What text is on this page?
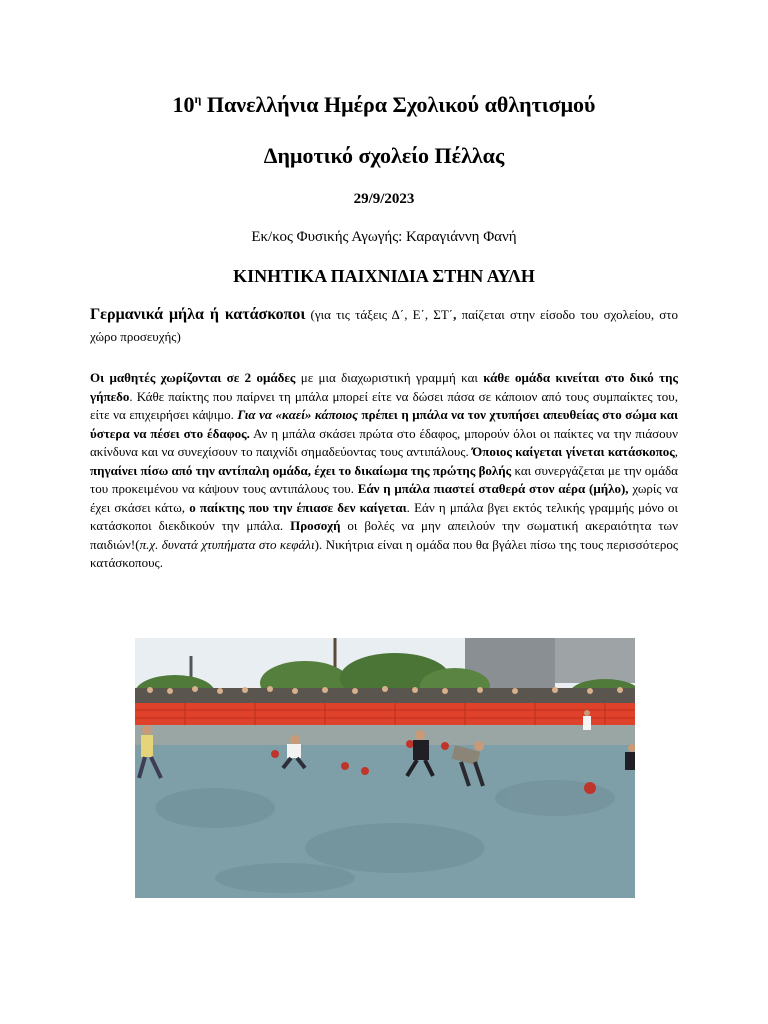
$10^\eta$ Πανελλήνια Ημέρα Σχολικού αθλητισμού
Δημοτικό σχολείο Πέλλας
29/9/2023
Εκ/κος Φυσικής Αγωγής: Καραγιάννη Φανή
ΚΙΝΗΤΙΚΑ ΠΑΙΧΝΙΔΙΑ ΣΤΗΝ ΑΥΛΗ
Γερμανικά μήλα ή κατάσκοποι (για τις τάξεις Δ΄, Ε΄, ΣΤ΄, παίζεται στην είσοδο του σχολείου, στο χώρο προσευχής)
Οι μαθητές χωρίζονται σε 2 ομάδες με μια διαχωριστική γραμμή και κάθε ομάδα κινείται στο δικό της γήπεδο. Κάθε παίκτης που παίρνει τη μπάλα μπορεί είτε να δώσει πάσα σε κάποιον από τους συμπαίκτες του, είτε να επιχειρήσει κάψιμο. Για να «καεί» κάποιος πρέπει η μπάλα να τον χτυπήσει απευθείας στο σώμα και ύστερα να πέσει στο έδαφος. Αν η μπάλα σκάσει πρώτα στο έδαφος, μπορούν όλοι οι παίκτες να την πιάσουν ακίνδυνα και να συνεχίσουν το παιχνίδι σημαδεύοντας τους αντιπάλους. Όποιος καίγεται γίνεται κατάσκοπος, πηγαίνει πίσω από την αντίπαλη ομάδα, έχει το δικαίωμα της πρώτης βολής και συνεργάζεται με την ομάδα του προκειμένου να κάψουν τους αντιπάλους του. Εάν η μπάλα πιαστεί σταθερά στον αέρα (μήλο), χωρίς να έχει σκάσει κάτω, ο παίκτης που την έπιασε δεν καίγεται. Εάν η μπάλα βγει εκτός τελικής γραμμής μόνο οι κατάσκοποι διεκδικούν την μπάλα. Προσοχή οι βολές να μην απειλούν την σωματική ακεραιότητα των παιδιών!(π.χ. δυνατά χτυπήματα στο κεφάλι). Νικήτρια είναι η ομάδα που θα βγάλει πίσω της τους περισσότερος κατάσκοπους.
